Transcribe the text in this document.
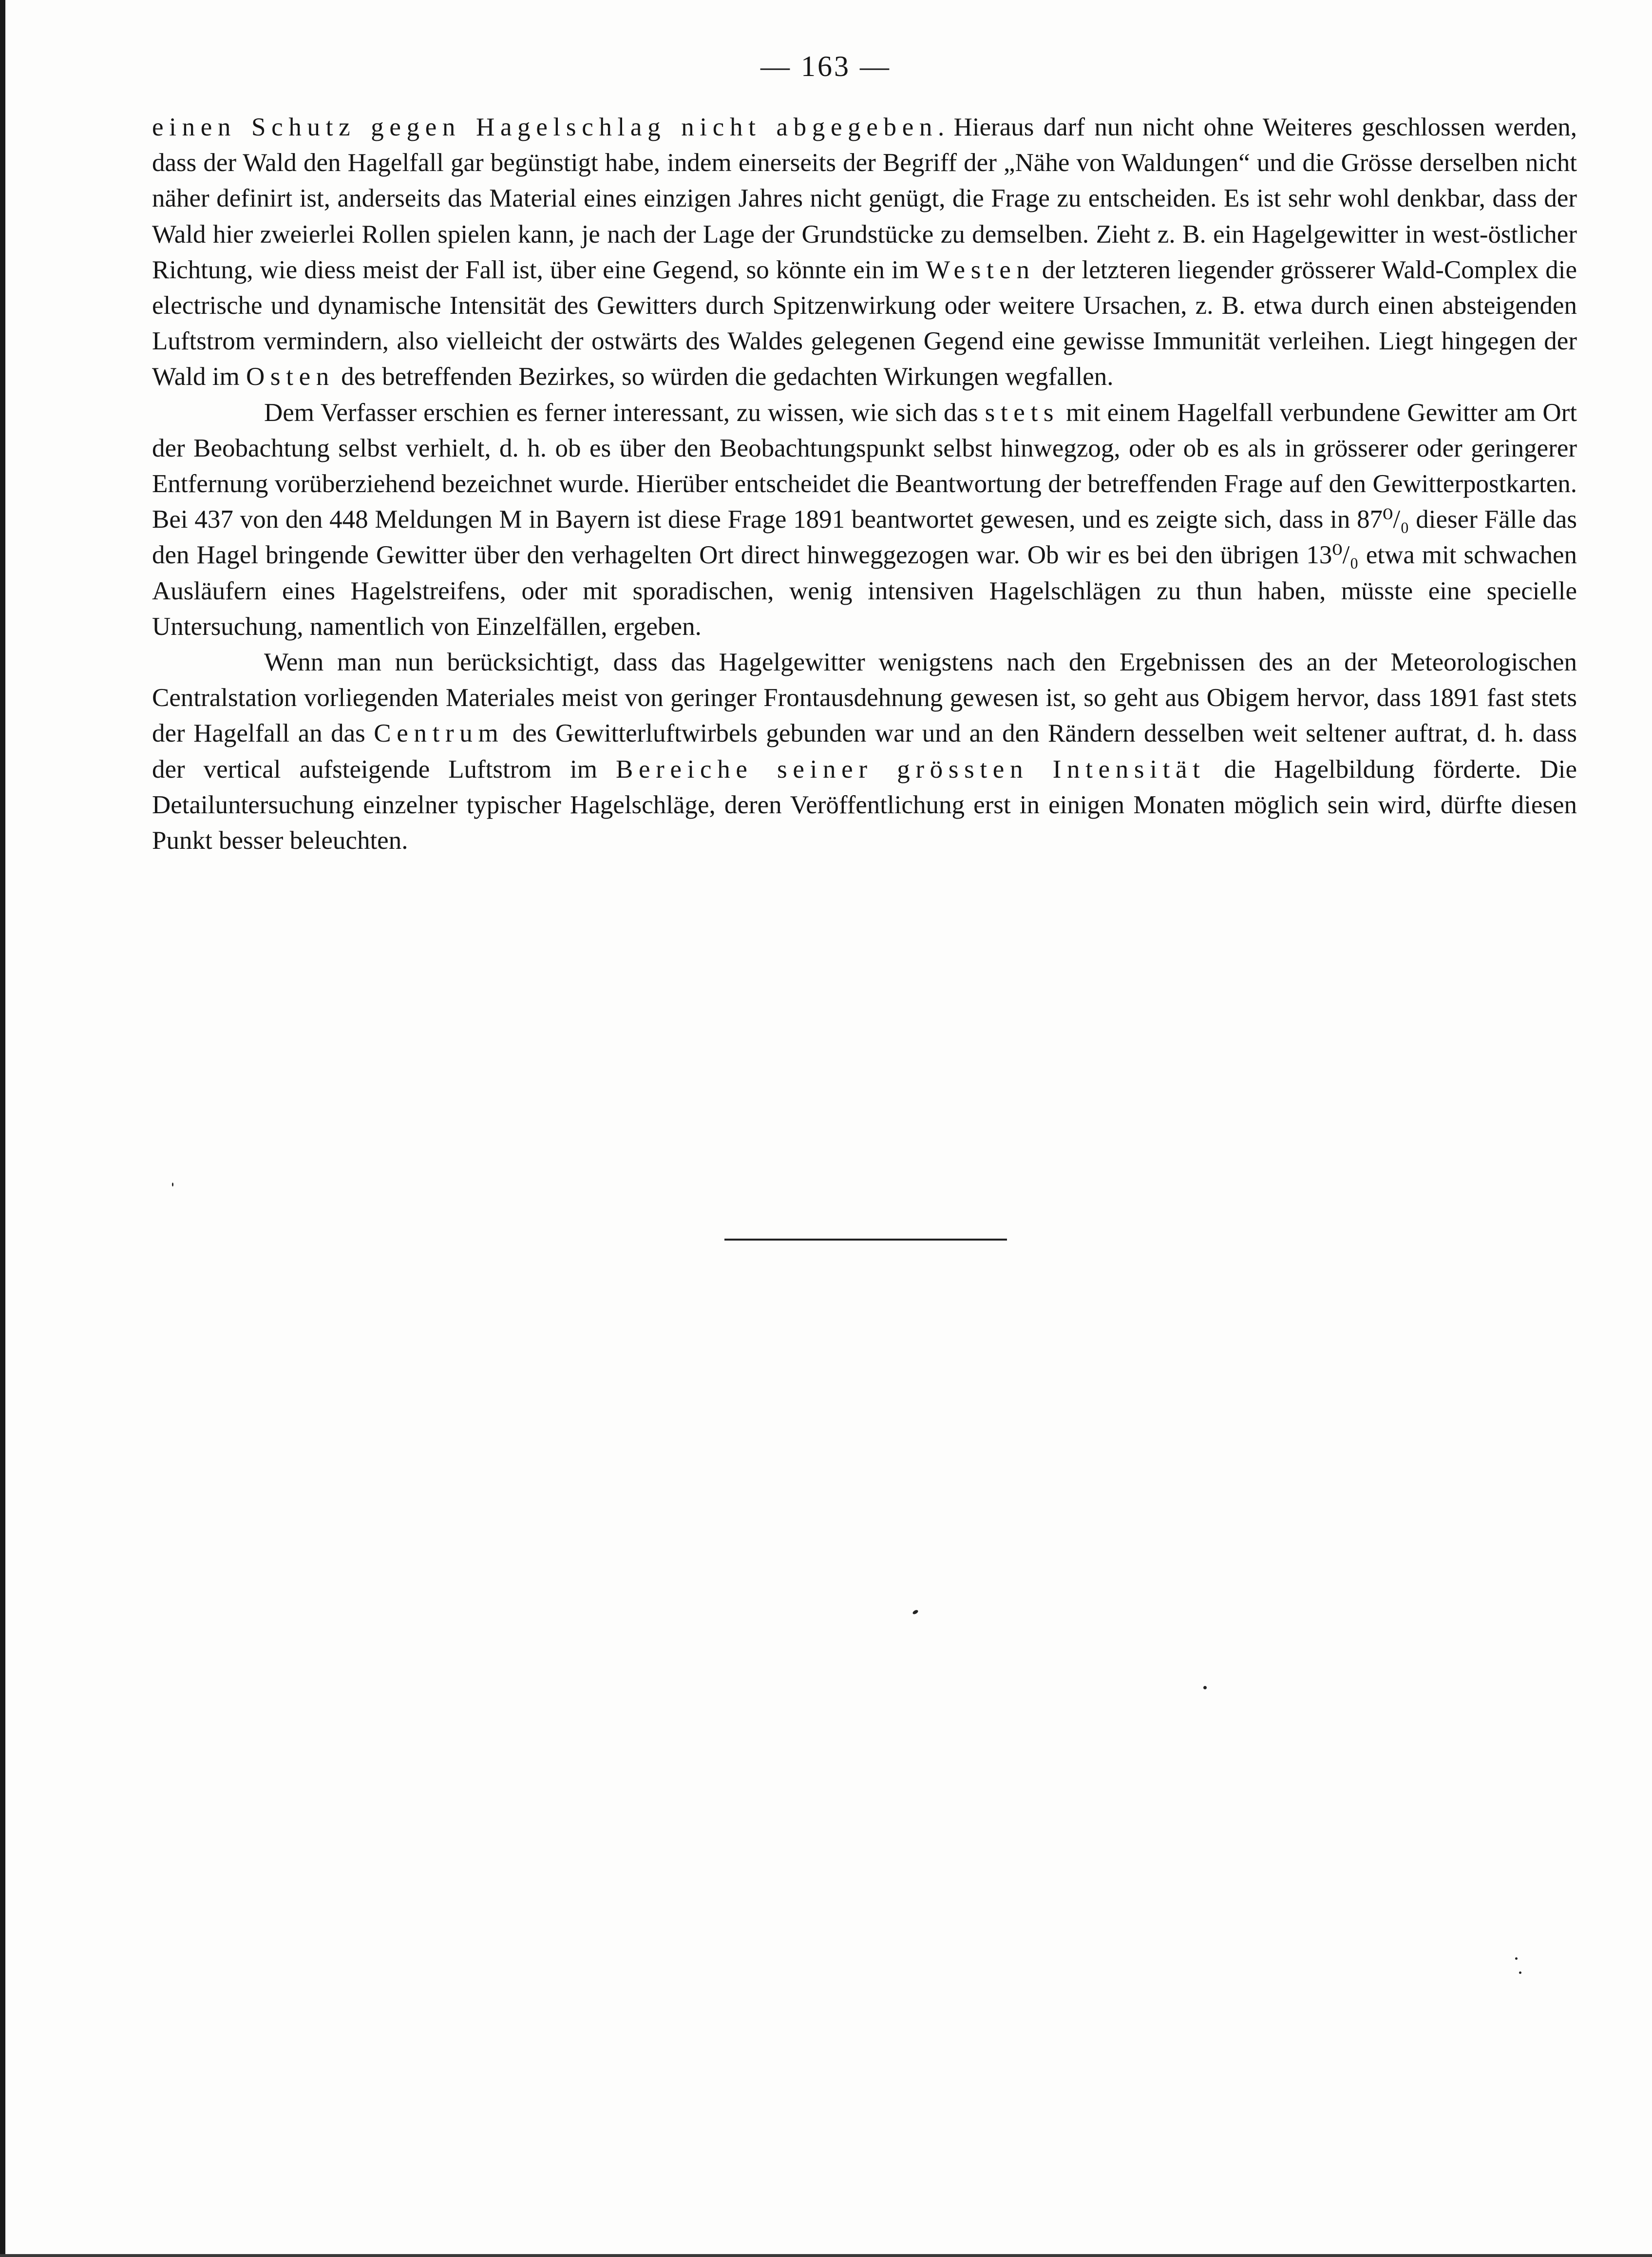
— 163 —

einen Schutz gegen Hagelschlag nicht abgegeben. Hieraus darf nun nicht ohne Weiteres geschlossen werden, dass der Wald den Hagelfall gar begünstigt habe, indem einerseits der Begriff der „Nähe von Waldungen“ und die Grösse derselben nicht näher definirt ist, anderseits das Material eines einzigen Jahres nicht genügt, die Frage zu entscheiden. Es ist sehr wohl denkbar, dass der Wald hier zweierlei Rollen spielen kann, je nach der Lage der Grundstücke zu demselben. Zieht z. B. ein Hagelgewitter in west-östlicher Richtung, wie diess meist der Fall ist, über eine Gegend, so könnte ein im Westen der letzteren liegender grösserer Wald-Complex die electrische und dynamische Intensität des Gewitters durch Spitzenwirkung oder weitere Ursachen, z. B. etwa durch einen absteigenden Luftstrom vermindern, also vielleicht der ostwärts des Waldes gelegenen Gegend eine gewisse Immunität verleihen. Liegt hingegen der Wald im Osten des betreffenden Bezirkes, so würden die gedachten Wirkungen wegfallen.

Dem Verfasser erschien es ferner interessant, zu wissen, wie sich das stets mit einem Hagelfall verbundene Gewitter am Ort der Beobachtung selbst verhielt, d. h. ob es über den Beobachtungspunkt selbst hinwegzog, oder ob es als in grösserer oder geringerer Entfernung vorüberziehend bezeichnet wurde. Hierüber entscheidet die Beantwortung der betreffenden Frage auf den Gewitterpostkarten. Bei 437 von den 448 Meldungen M in Bayern ist diese Frage 1891 beantwortet gewesen, und es zeigte sich, dass in 87⁰/₀ dieser Fälle das den Hagel bringende Gewitter über den verhagelten Ort direct hinweggezogen war. Ob wir es bei den übrigen 13⁰/₀ etwa mit schwachen Ausläufern eines Hagelstreifens, oder mit sporadischen, wenig intensiven Hagelschlägen zu thun haben, müsste eine specielle Untersuchung, namentlich von Einzelfällen, ergeben.

Wenn man nun berücksichtigt, dass das Hagelgewitter wenigstens nach den Ergebnissen des an der Meteorologischen Centralstation vorliegenden Materiales meist von geringer Frontausdehnung gewesen ist, so geht aus Obigem hervor, dass 1891 fast stets der Hagelfall an das Centrum des Gewitterluftwirbels gebunden war und an den Rändern desselben weit seltener auftrat, d. h. dass der vertical aufsteigende Luftstrom im Bereiche seiner grössten Intensität die Hagelbildung förderte. Die Detailuntersuchung einzelner typischer Hagelschläge, deren Veröffentlichung erst in einigen Monaten möglich sein wird, dürfte diesen Punkt besser beleuchten.
